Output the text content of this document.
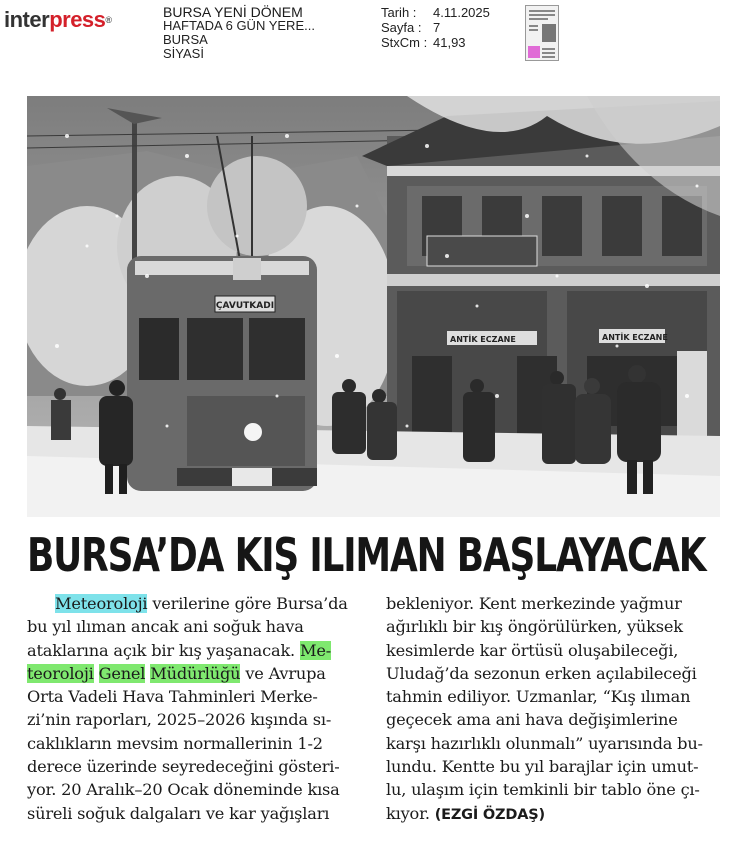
interpress®	BURSA YENİ DÖNEM
HAFTADA 6 GÜN YERE...
BURSA
SİYASİ
Tarih :	4.11.2025
Sayfa : 7
StxCm : 41,93
ANTİK ECZANE
ANTİK ECZANE
ÇAVUTKADI
BURSA’DA KIŞ ILIMAN BAŞLAYACAK
Meteoroloji verilerine göre Bursa’da
bu yıl ılıman ancak ani soğuk hava
ataklarına açık bir kış yaşanacak. Me-
teoroloji Genel Müdürlüğü ve Avrupa
Orta Vadeli Hava Tahminleri Merke-
zi’nin raporları, 2025–2026 kışında sı-
caklıkların mevsim normallerinin 1-2
derece üzerinde seyredeceğini gösteri-
yor. 20 Aralık–20 Ocak döneminde kısa
süreli soğuk dalgaları ve kar yağışları
bekleniyor. Kent merkezinde yağmur
ağırlıklı bir kış öngörülürken, yüksek
kesimlerde kar örtüsü oluşabileceği,
Uludağ’da sezonun erken açılabileceği
tahmin ediliyor. Uzmanlar, “Kış ılıman
geçecek ama ani hava değişimlerine
karşı hazırlıklı olunmalı” uyarısında bu-
lundu. Kentte bu yıl barajlar için umut-
lu, ulaşım için temkinli bir tablo öne çı-
kıyor. (EZGİ ÖZDAŞ)
